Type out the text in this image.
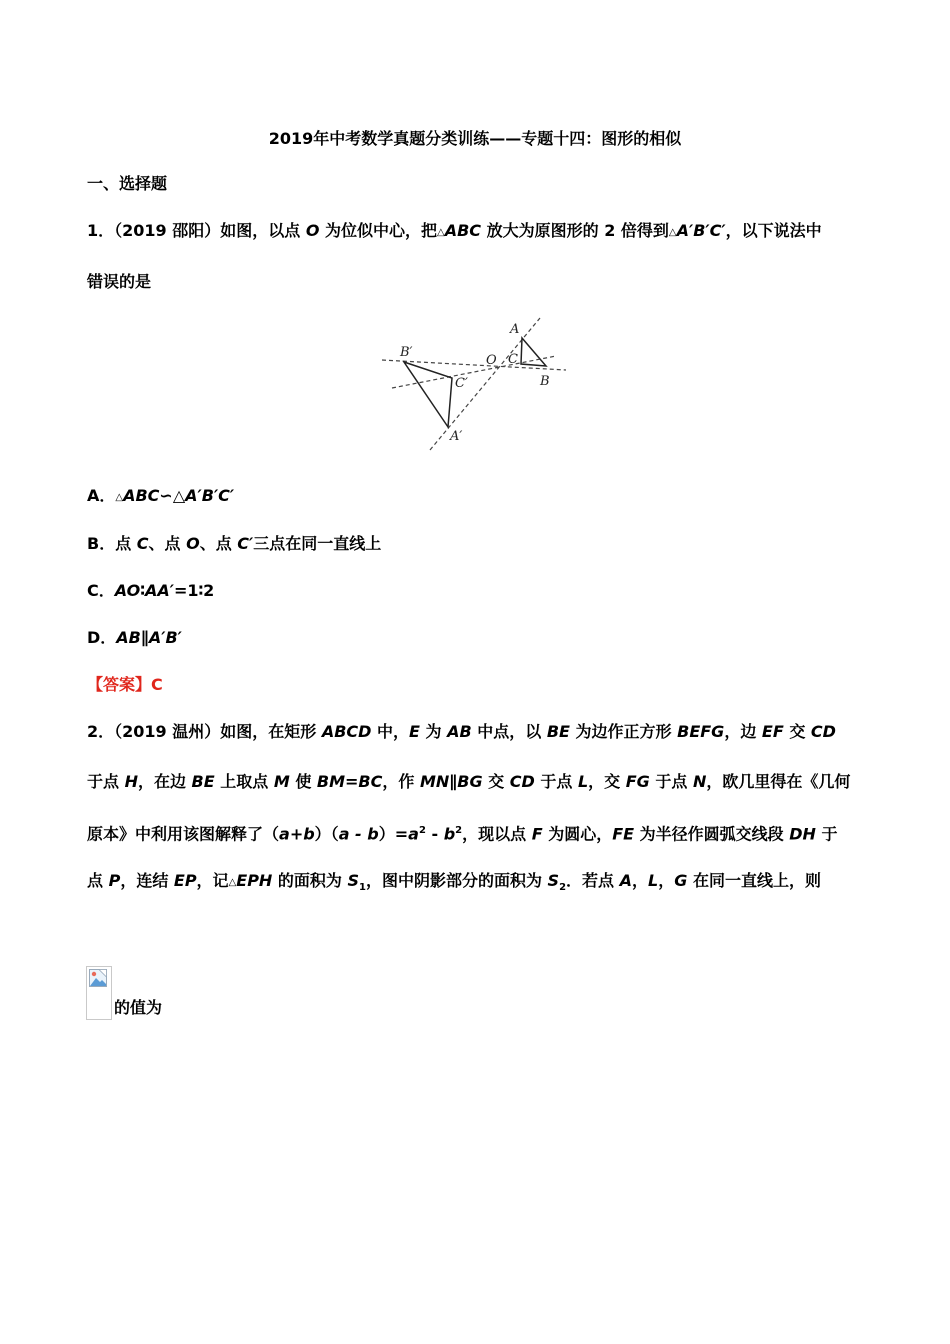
2019年中考数学真题分类训练——专题十四：图形的相似
一、选择题
1．（2019 邵阳）如图，以点 O 为位似中心，把△ABC 放大为原图形的 2 倍得到△A′B′C′，以下说法中
错误的是
B′
C′
A′
O C
A
B
A．△ABC∽△A′B′C′
B．点 C、点 O、点 C′三点在同一直线上
C．AO∶AA′=1∶2
D．AB∥A′B′
【答案】C
2．（2019 温州）如图，在矩形 ABCD 中，E 为 AB 中点，以 BE 为边作正方形 BEFG，边 EF 交 CD
于点 H，在边 BE 上取点 M 使 BM=BC，作 MN∥BG 交 CD 于点 L，交 FG 于点 N，欧几里得在《几何
原本》中利用该图解释了$(a+b)(a - b)=a^2 - b^2$，现以点 F 为圆心，FE 为半径作圆弧交线段 DH 于
点 P，连结 EP，记△EPH 的面积为 $S_1$，图中阴影部分的面积为 $S_2$．若点 A，L，G 在同一直线上，则
的值为
